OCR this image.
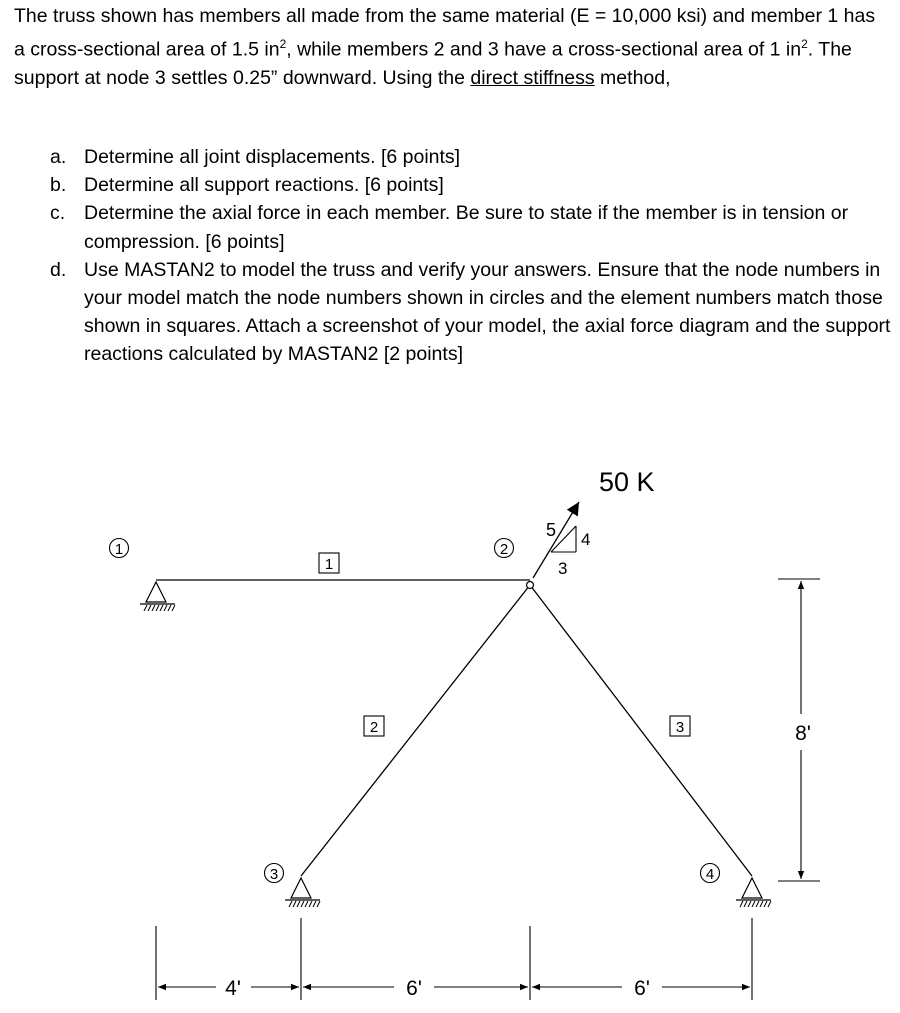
The truss shown has members all made from the same material (E = 10,000 ksi) and member 1 has a cross-sectional area of 1.5 $in^2$, while members 2 and 3 have a cross-sectional area of 1 $in^2$. The support at node 3 settles 0.25” downward. Using the direct stiffness method,

a. Determine all joint displacements. [6 points]
b. Determine all support reactions. [6 points]
c. Determine the axial force in each member. Be sure to state if the member is in tension or compression. [6 points]
d. Use MASTAN2 to model the truss and verify your answers. Ensure that the node numbers in your model match the node numbers shown in circles and the element numbers match those shown in squares. Attach a screenshot of your model, the axial force diagram and the support reactions calculated by MASTAN2 [2 points]
50 K
5 4
3
1	2
3	4
1
2	3	8'
4'	6'	6'
